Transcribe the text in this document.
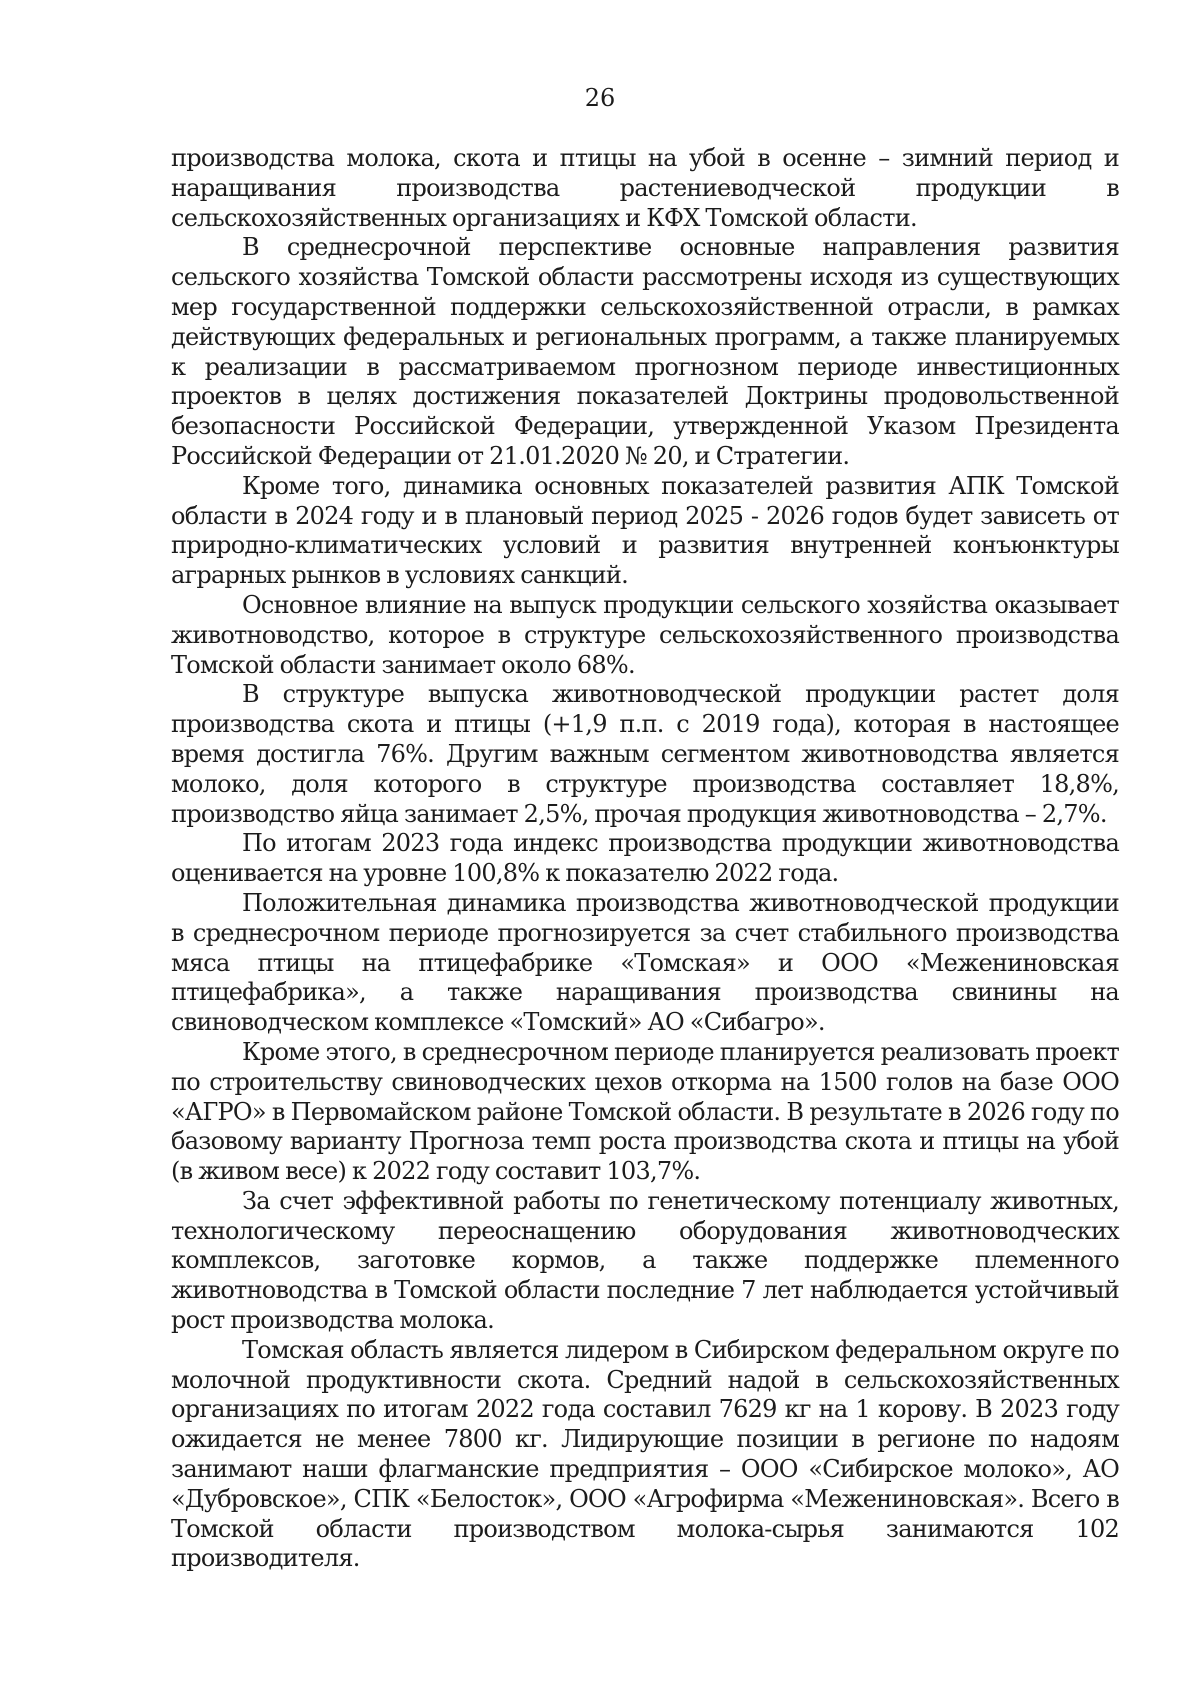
26

производства молока, скота и птицы на убой в осенне – зимний период и наращивания производства растениеводческой продукции в сельскохозяйственных организациях и КФХ Томской области.

В среднесрочной перспективе основные направления развития сельского хозяйства Томской области рассмотрены исходя из существующих мер государственной поддержки сельскохозяйственной отрасли, в рамках действующих федеральных и региональных программ, а также планируемых к реализации в рассматриваемом прогнозном периоде инвестиционных проектов в целях достижения показателей Доктрины продовольственной безопасности Российской Федерации, утвержденной Указом Президента Российской Федерации от 21.01.2020 № 20, и Стратегии.

Кроме того, динамика основных показателей развития АПК Томской области в 2024 году и в плановый период 2025 - 2026 годов будет зависеть от природно-климатических условий и развития внутренней конъюнктуры аграрных рынков в условиях санкций.

Основное влияние на выпуск продукции сельского хозяйства оказывает животноводство, которое в структуре сельскохозяйственного производства Томской области занимает около 68%.

В структуре выпуска животноводческой продукции растет доля производства скота и птицы (+1,9 п.п. с 2019 года), которая в настоящее время достигла 76%. Другим важным сегментом животноводства является молоко, доля которого в структуре производства составляет 18,8%, производство яйца занимает 2,5%, прочая продукция животноводства – 2,7%.

По итогам 2023 года индекс производства продукции животноводства оценивается на уровне 100,8% к показателю 2022 года.

Положительная динамика производства животноводческой продукции в среднесрочном периоде прогнозируется за счет стабильного производства мяса птицы на птицефабрике «Томская» и ООО «Межениновская птицефабрика», а также наращивания производства свинины на свиноводческом комплексе «Томский» АО «Сибагро».

Кроме этого, в среднесрочном периоде планируется реализовать проект по строительству свиноводческих цехов откорма на 1500 голов на базе ООО «АГРО» в Первомайском районе Томской области. В результате в 2026 году по базовому варианту Прогноза темп роста производства скота и птицы на убой (в живом весе) к 2022 году составит 103,7%.

За счет эффективной работы по генетическому потенциалу животных, технологическому переоснащению оборудования животноводческих комплексов, заготовке кормов, а также поддержке племенного животноводства в Томской области последние 7 лет наблюдается устойчивый рост производства молока.

Томская область является лидером в Сибирском федеральном округе по молочной продуктивности скота. Средний надой в сельскохозяйственных организациях по итогам 2022 года составил 7629 кг на 1 корову. В 2023 году ожидается не менее 7800 кг. Лидирующие позиции в регионе по надоям занимают наши флагманские предприятия – ООО «Сибирское молоко», АО «Дубровское», СПК «Белосток», ООО «Агрофирма «Межениновская». Всего в Томской области производством молока-сырья занимаются 102 производителя.
